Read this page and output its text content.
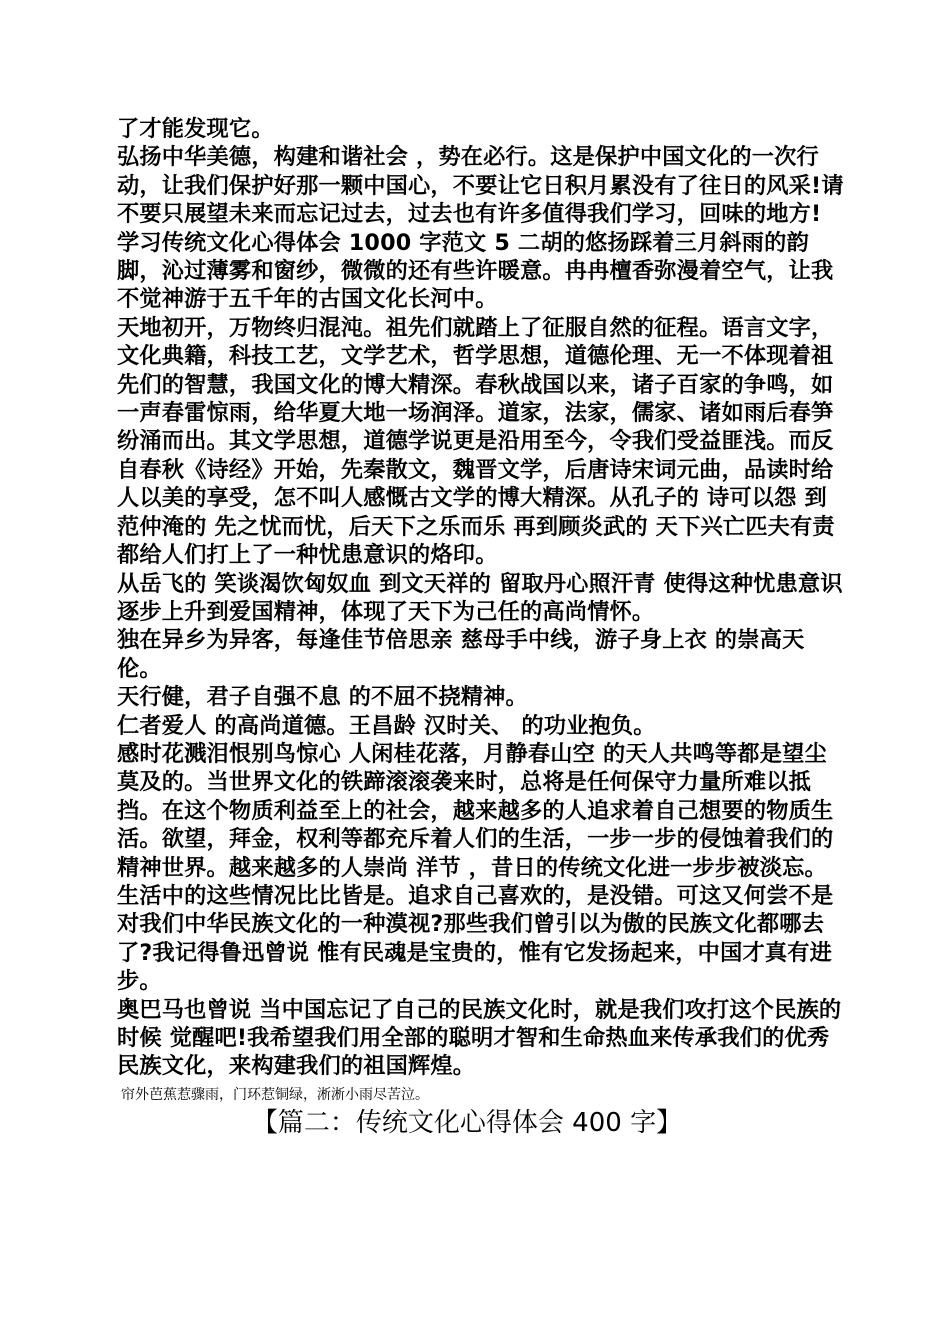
了才能发现它。

弘扬中华美德，构建和谐社会 ，势在必行。这是保护中国文化的一次行动，让我们保护好那一颗中国心，不要让它日积月累没有了往日的风采!请不要只展望未来而忘记过去，过去也有许多值得我们学习，回味的地方!

学习传统文化心得体会 1000 字范文 5 二胡的悠扬踩着三月斜雨的韵脚，沁过薄雾和窗纱，微微的还有些许暖意。冉冉檀香弥漫着空气，让我不觉神游于五千年的古国文化长河中。

天地初开，万物终归混沌。祖先们就踏上了征服自然的征程。语言文字，文化典籍，科技工艺，文学艺术，哲学思想，道德伦理、无一不体现着祖先们的智慧，我国文化的博大精深。春秋战国以来，诸子百家的争鸣，如一声春雷惊雨，给华夏大地一场润泽。道家，法家，儒家、诸如雨后春笋纷涌而出。其文学思想，道德学说更是沿用至今，令我们受益匪浅。而反自春秋《诗经》开始，先秦散文，魏晋文学，后唐诗宋词元曲，品读时给人以美的享受，怎不叫人感慨古文学的博大精深。从孔子的 诗可以怨 到范仲淹的 先之忧而忧，后天下之乐而乐 再到顾炎武的 天下兴亡匹夫有责 都给人们打上了一种忧患意识的烙印。

从岳飞的 笑谈渴饮匈奴血 到文天祥的 留取丹心照汗青 使得这种忧患意识逐步上升到爱国精神，体现了天下为己任的高尚情怀。

独在异乡为异客，每逢佳节倍思亲 慈母手中线，游子身上衣 的崇高天伦。

天行健，君子自强不息 的不屈不挠精神。

仁者爱人 的高尚道德。王昌龄 汉时关、 的功业抱负。

感时花溅泪恨别鸟惊心 人闲桂花落，月静春山空 的天人共鸣等都是望尘莫及的。当世界文化的铁蹄滚滚袭来时，总将是任何保守力量所难以抵挡。在这个物质利益至上的社会，越来越多的人追求着自己想要的物质生活。欲望，拜金，权利等都充斥着人们的生活，一步一步的侵蚀着我们的精神世界。越来越多的人崇尚 洋节 ，昔日的传统文化进一步步被淡忘。

生活中的这些情况比比皆是。追求自己喜欢的，是没错。可这又何尝不是对我们中华民族文化的一种漠视?那些我们曾引以为傲的民族文化都哪去了?我记得鲁迅曾说 惟有民魂是宝贵的，惟有它发扬起来，中国才真有进步。

奥巴马也曾说 当中国忘记了自己的民族文化时，就是我们攻打这个民族的时候 觉醒吧!我希望我们用全部的聪明才智和生命热血来传承我们的优秀民族文化，来构建我们的祖国辉煌。

帘外芭蕉惹骤雨，门环惹铜绿，淅淅小雨尽苦泣。

【篇二：传统文化心得体会 400 字】
